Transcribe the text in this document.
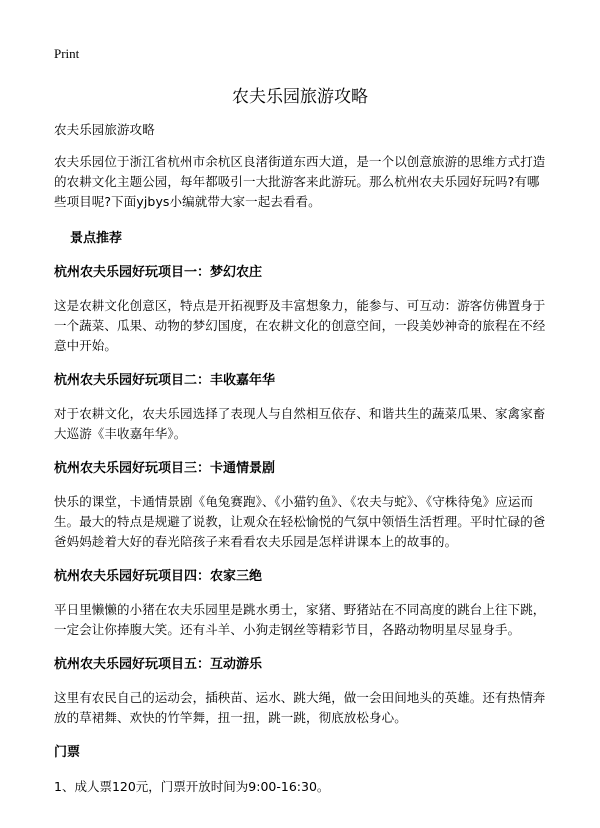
Print
农夫乐园旅游攻略

农夫乐园旅游攻略

农夫乐园位于浙江省杭州市余杭区良渚街道东西大道，是一个以创意旅游的思维方式打造的农耕文化主题公园，每年都吸引一大批游客来此游玩。那么杭州农夫乐园好玩吗?有哪些项目呢?下面yjbys小编就带大家一起去看看。

景点推荐
杭州农夫乐园好玩项目一：梦幻农庄

这是农耕文化创意区，特点是开拓视野及丰富想象力，能参与、可互动：游客仿佛置身于一个蔬菜、瓜果、动物的梦幻国度，在农耕文化的创意空间，一段美妙神奇的旅程在不经意中开始。

杭州农夫乐园好玩项目二：丰收嘉年华

对于农耕文化，农夫乐园选择了表现人与自然相互依存、和谐共生的蔬菜瓜果、家禽家畜大巡游《丰收嘉年华》。

杭州农夫乐园好玩项目三：卡通情景剧

快乐的课堂，卡通情景剧《龟兔赛跑》、《小猫钓鱼》、《农夫与蛇》、《守株待兔》应运而生。最大的特点是规避了说教，让观众在轻松愉悦的气氛中领悟生活哲理。平时忙碌的爸爸妈妈趁着大好的春光陪孩子来看看农夫乐园是怎样讲课本上的故事的。

杭州农夫乐园好玩项目四：农家三绝

平日里懒懒的小猪在农夫乐园里是跳水勇士，家猪、野猪站在不同高度的跳台上往下跳，一定会让你捧腹大笑。还有斗羊、小狗走钢丝等精彩节目，各路动物明星尽显身手。

杭州农夫乐园好玩项目五：互动游乐

这里有农民自己的运动会，插秧苗、运水、跳大绳，做一会田间地头的英雄。还有热情奔放的草裙舞、欢快的竹竿舞，扭一扭，跳一跳，彻底放松身心。

门票

1、成人票120元，门票开放时间为9:00-16:30。
